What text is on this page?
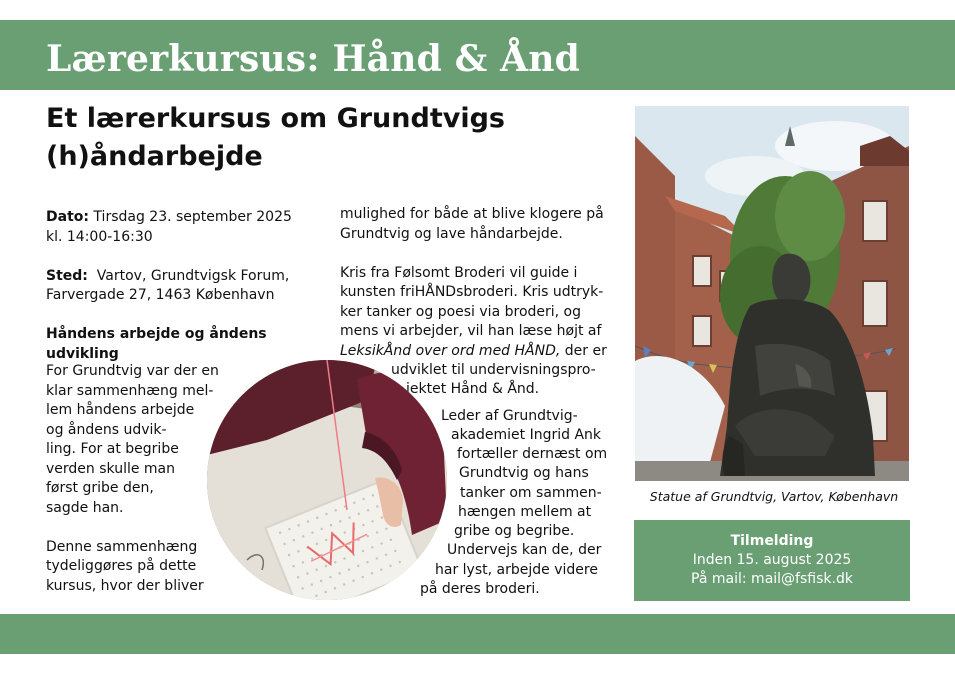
Lærerkursus: Hånd & Ånd
Et lærerkursus om Grundtvigs
(h)åndarbejde
Dato: Tirsdag 23. september 2025
kl. 14:00-16:30
Sted:  Vartov, Grundtvigsk Forum,
Farvergade 27, 1463 København
Håndens arbejde og åndens
udvikling
For Grundtvig var der en
klar sammenhæng mel-
lem håndens arbejde
og åndens udvik-
ling. For at begribe
verden skulle man
først gribe den,
sagde han.
Denne sammenhæng
tydeliggøres på dette
kursus, hvor der bliver
mulighed for både at blive klogere på
Grundtvig og lave håndarbejde.
Kris fra Følsomt Broderi vil guide i
kunsten friHÅNDsbroderi. Kris udtryk-
ker tanker og poesi via broderi, og
mens vi arbejder, vil han læse højt af
LeksikÅnd over ord med HÅND, der er
udviklet til undervisningspro-
jektet Hånd & Ånd.
Leder af Grundtvig-
akademiet Ingrid Ank
fortæller dernæst om
Grundtvig og hans
tanker om sammen-
hængen mellem at
gribe og begribe.
Undervejs kan de, der
har lyst, arbejde videre
på deres broderi.
Statue af Grundtvig, Vartov, København
Tilmelding
Inden 15. august 2025
På mail: mail@fsfisk.dk
